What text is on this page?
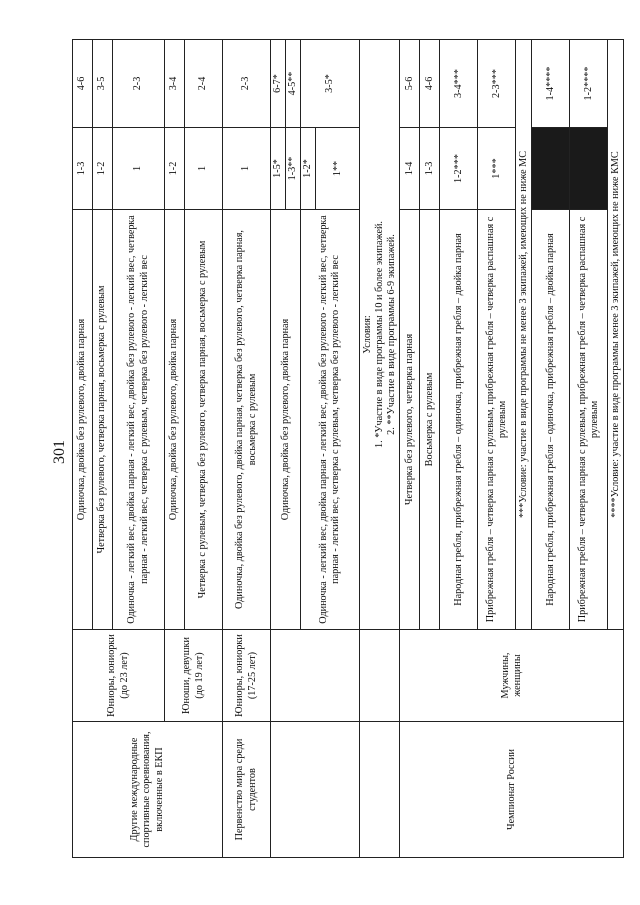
301
Другие международные спортивные соревнования, включенные в ЕКП	Юниоры, юниорки (до 23 лет)	Одиночка, двойка без рулевого, двойка парная	1-3	4-6
		Четверка без рулевого, четверка парная, восьмерка с рулевым	1-2	3-5
		Одиночка - легкий вес, двойка парная - легкий вес, двойка без рулевого - легкий вес, четверка парная - легкий вес, четверка с рулевым, четверка без рулевого - легкий вес	1	2-3
	Юноши, девушки (до 19 лет)	Одиночка, двойка без рулевого, двойка парная	1-2	3-4
		Четверка с рулевым, четверка без рулевого, четверка парная, восьмерка с рулевым	1	2-4
Первенство мира среди студентов	Юниоры, юниорки (17-25 лет)	Одиночка, двойка без рулевого, двойка парная, четверка без рулевого, четверка парная, восьмерка с рулевым	1	2-3
		Одиночка, двойка без рулевого, двойка парная	1-5*	6-7*
			1-3**	4-5**
		Одиночка - легкий вес, двойка парная - легкий вес, двойка без рулевого - легкий вес, четверка парная - легкий вес, четверка с рулевым, четверка без рулевого - легкий вес	1-2*	3-5*
			1**	

		Условия: 1. *Участие в виде программы 10 и более экипажей. 2. **Участие в виде программы 6-9 экипажей.		

Чемпионат России	Мужчины, женщины	Четверка без рулевого, четверка парная	1-4	5-6
		Восьмерка с рулевым	1-3	4-6
		Народная гребля, прибрежная гребля – одиночка, прибрежная гребля – двойка парная	1-2***	3-4***
		Прибрежная гребля – четверка парная с рулевым, прибрежная гребля – четверка распашная с рулевым	1***	2-3***
		***Условие: участие в виде программы не менее 3 экипажей, имеющих не ниже МС		
		Народная гребля, прибрежная гребля – одиночка, прибрежная гребля – двойка парная		1-4****
		Прибрежная гребля – четверка парная с рулевым, прибрежная гребля – четверка распашная с рулевым		1-2****
		****Условие: участие в виде программы менее 3 экипажей, имеющих не ниже КМС		
